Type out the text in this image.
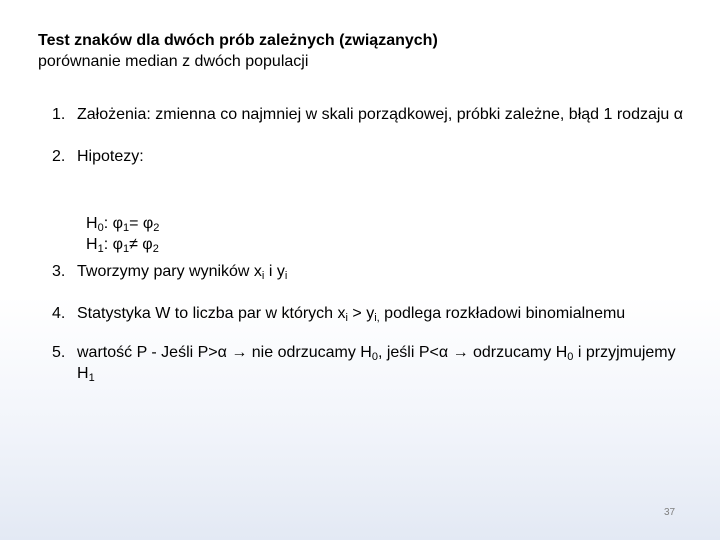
Test znaków dla dwóch prób zależnych (związanych)
porównanie median z dwóch populacji
1. Założenia: zmienna co najmniej w skali porządkowej, próbki zależne, błąd 1 rodzaju α
2. Hipotezy:
3. Tworzymy pary wyników $x_i$ i $y_i$
4. Statystyka W to liczba par w których $x_i > y_{i,}$ podlega rozkładowi binomialnemu
5. wartość P - Jeśli P>α → nie odrzucamy $H_0$, jeśli P<α → odrzucamy $H_0$ i przyjmujemy $H_1$
$H_0$: $\varphi_1= \varphi_2$
$H_1$: $\varphi_1\ne \varphi_2$
37
